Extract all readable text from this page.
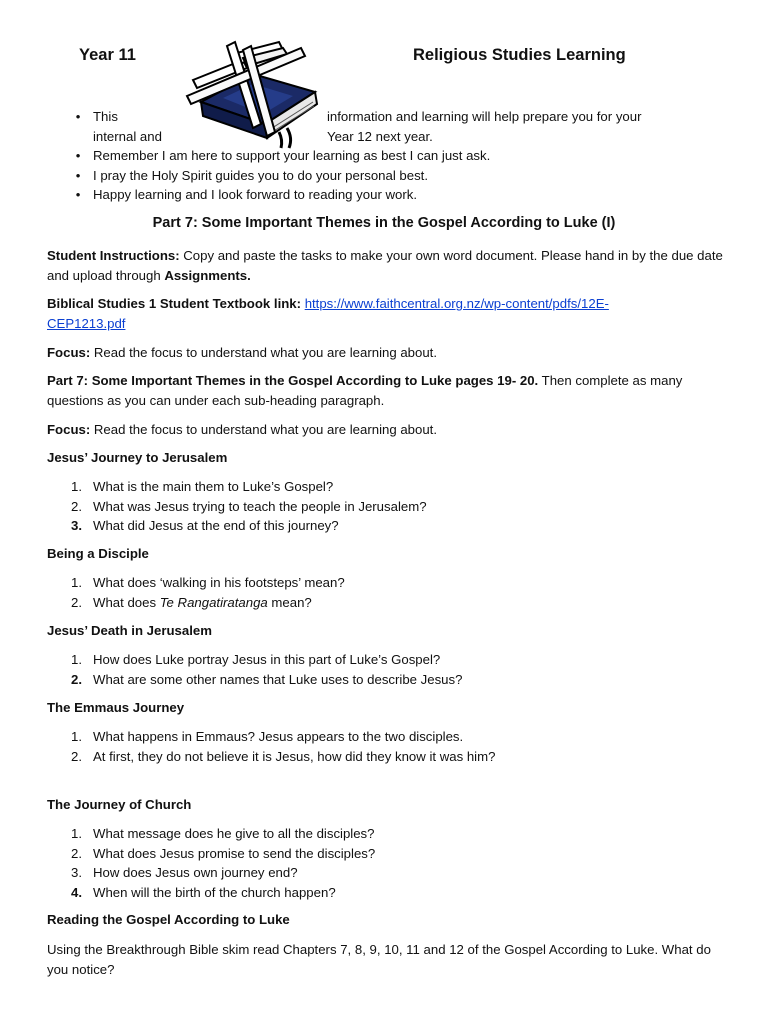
Year 11	Religious Studies Learning
• This	information and learning will help prepare you for your
internal and	Year 12 next year.
• Remember I am here to support your learning as best I can just ask.
• I pray the Holy Spirit guides you to do your personal best.
• Happy learning and I look forward to reading your work.
Part 7: Some Important Themes in the Gospel According to Luke (I)
Student Instructions: Copy and paste the tasks to make your own word document. Please hand in by the due date and upload through Assignments.
Biblical Studies 1 Student Textbook link: https://www.faithcentral.org.nz/wp-content/pdfs/12E-CEP1213.pdf
Focus: Read the focus to understand what you are learning about.
Part 7: Some Important Themes in the Gospel According to Luke pages 19- 20. Then complete as many questions as you can under each sub-heading paragraph.
Focus: Read the focus to understand what you are learning about.
Jesus’ Journey to Jerusalem
1. What is the main them to Luke’s Gospel?
2. What was Jesus trying to teach the people in Jerusalem?
3. What did Jesus at the end of this journey?
Being a Disciple
1. What does ‘walking in his footsteps’ mean?
2. What does Te Rangatiratanga mean?
Jesus’ Death in Jerusalem
1. How does Luke portray Jesus in this part of Luke’s Gospel?
2. What are some other names that Luke uses to describe Jesus?
The Emmaus Journey
1. What happens in Emmaus? Jesus appears to the two disciples.
2. At first, they do not believe it is Jesus, how did they know it was him?
The Journey of Church
1. What message does he give to all the disciples?
2. What does Jesus promise to send the disciples?
3. How does Jesus own journey end?
4. When will the birth of the church happen?
Reading the Gospel According to Luke
Using the Breakthrough Bible skim read Chapters 7, 8, 9, 10, 11 and 12 of the Gospel According to Luke. What do you notice?
